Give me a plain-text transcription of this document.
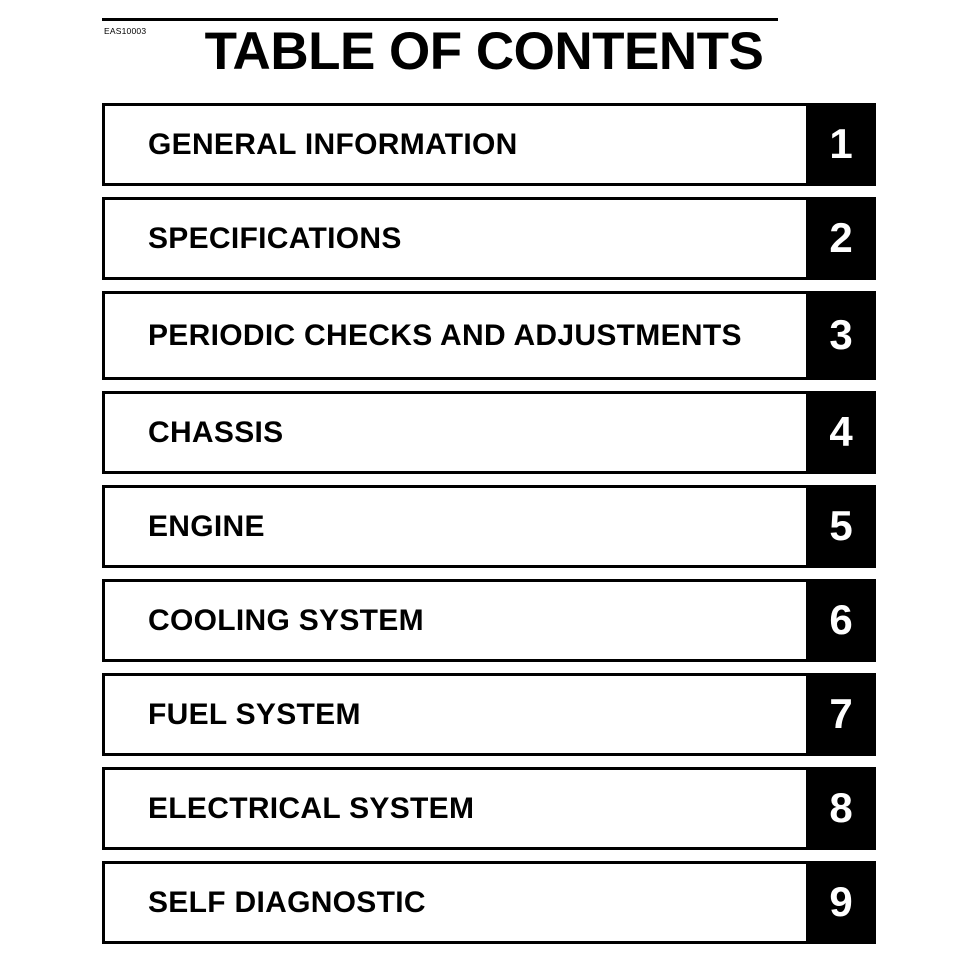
EAS10003	TABLE OF CONTENTS
GENERAL INFORMATION	1
SPECIFICATIONS	2
PERIODIC CHECKS AND ADJUSTMENTS 3
CHASSIS	4
ENGINE	5
COOLING SYSTEM	6
FUEL SYSTEM	7
ELECTRICAL SYSTEM	8
SELF DIAGNOSTIC	9
